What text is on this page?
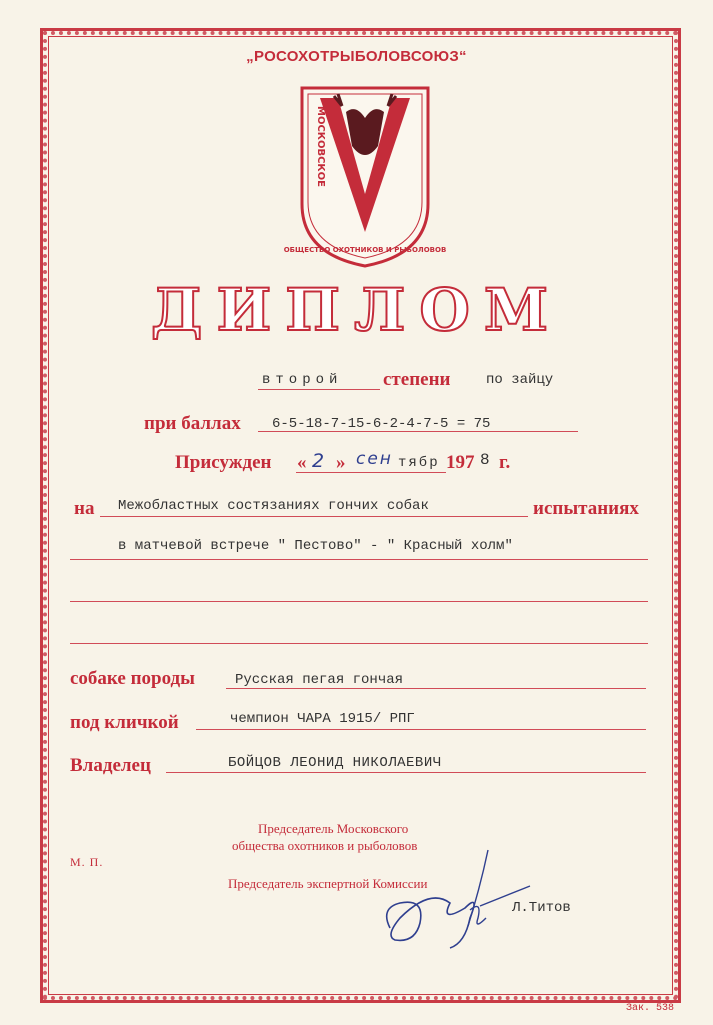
„РОСОХОТРЫБОЛОВСОЮЗ“
МОСКОВСКОЕ
ОБЩЕСТВО ОХОТНИКОВ И РЫБОЛОВОВ
ДИПЛОМ
второй степени	по зайцу
при баллах 6-5-18-7-15-6-2-4-7-5 = 75
Присужден « 2 » сен тябр 197 8 г.
на Межобластных состязаниях гончих собак	испытаниях
в матчевой встрече " Пестово" - " Красный холм"
собаке породы	Русская пегая гончая
под кличкой	чемпион ЧАРА 1915/ РПГ
Владелец	БОЙЦОВ ЛЕОНИД НИКОЛАЕВИЧ
Председатель Московского
общества охотников и рыболовов
М. П.
Председатель экспертной Комиссии
Л.Титов
Зак. 538
